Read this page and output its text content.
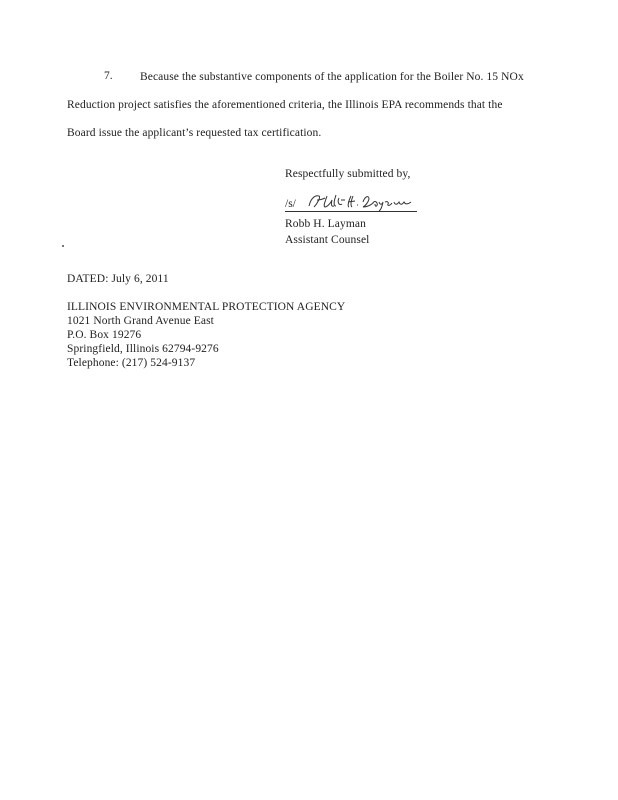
7. Because the substantive components of the application for the Boiler No. 15 NOx
Reduction project satisfies the aforementioned criteria, the Illinois EPA recommends that the
Board issue the applicant’s requested tax certification.
Respectfully submitted by,
/s/
Robb H. Layman
Assistant Counsel
DATED: July 6, 2011
ILLINOIS ENVIRONMENTAL PROTECTION AGENCY
1021 North Grand Avenue East
P.O. Box 19276
Springfield, Illinois 62794-9276
Telephone: (217) 524-9137
